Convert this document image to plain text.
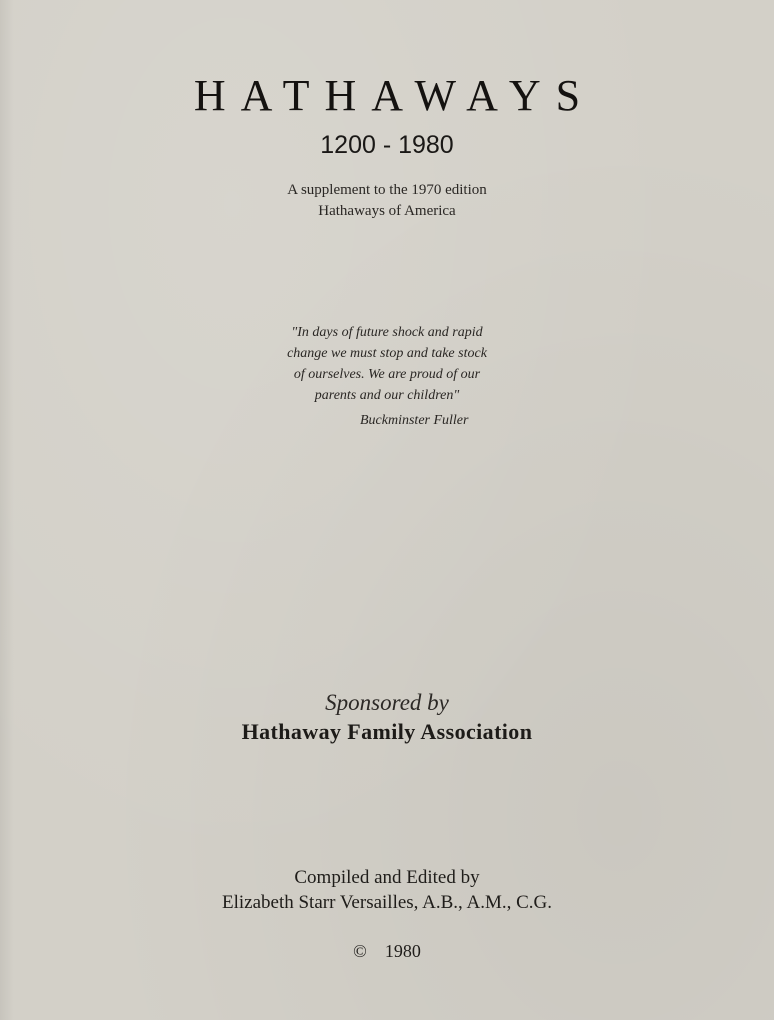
HATHAWAYS
1200 - 1980
A supplement to the 1970 edition
Hathaways of America
"In days of future shock and rapid
change we must stop and take stock
of ourselves. We are proud of our
parents and our children"
Buckminster Fuller
Sponsored by
Hathaway Family Association
Compiled and Edited by
Elizabeth Starr Versailles, A.B., A.M., C.G.
© 1980
